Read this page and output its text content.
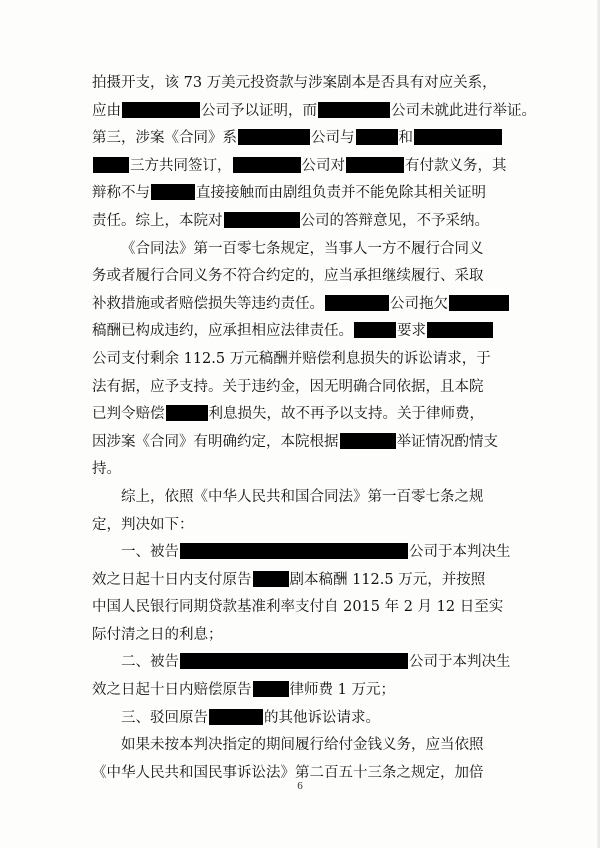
拍摄开支，该 73 万美元投资款与涉案剧本是否具有对应关系，
应由	公司予以证明，而	公司未就此进行举证。
第三，涉案《合同》系	公司与	和
三方共同签订，	公司对	有付款义务，其
辩称不与	直接接触而由剧组负责并不能免除其相关证明
责任。综上，本院对	公司的答辩意见，不予采纳。
《合同法》第一百零七条规定，当事人一方不履行合同义
务或者履行合同义务不符合约定的，应当承担继续履行、采取
补救措施或者赔偿损失等违约责任。	公司拖欠
稿酬已构成违约，应承担相应法律责任。	要求
公司支付剩余 112.5 万元稿酬并赔偿利息损失的诉讼请求，于
法有据，应予支持。关于违约金，因无明确合同依据，且本院
已判令赔偿	利息损失，故不再予以支持。关于律师费，
因涉案《合同》有明确约定，本院根据	举证情况酌情支
持。
综上，依照《中华人民共和国合同法》第一百零七条之规
定，判决如下：
一、被告	公司于本判决生
效之日起十日内支付原告	剧本稿酬 112.5 万元，并按照
中国人民银行同期贷款基准利率支付自 2015 年 2 月 12 日至实
际付清之日的利息；
二、被告	公司于本判决生
效之日起十日内赔偿原告	律师费 1 万元；
三、驳回原告	的其他诉讼请求。
如果未按本判决指定的期间履行给付金钱义务，应当依照
《中华人民共和国民事诉讼法》第二百五十三条之规定，加倍
6
